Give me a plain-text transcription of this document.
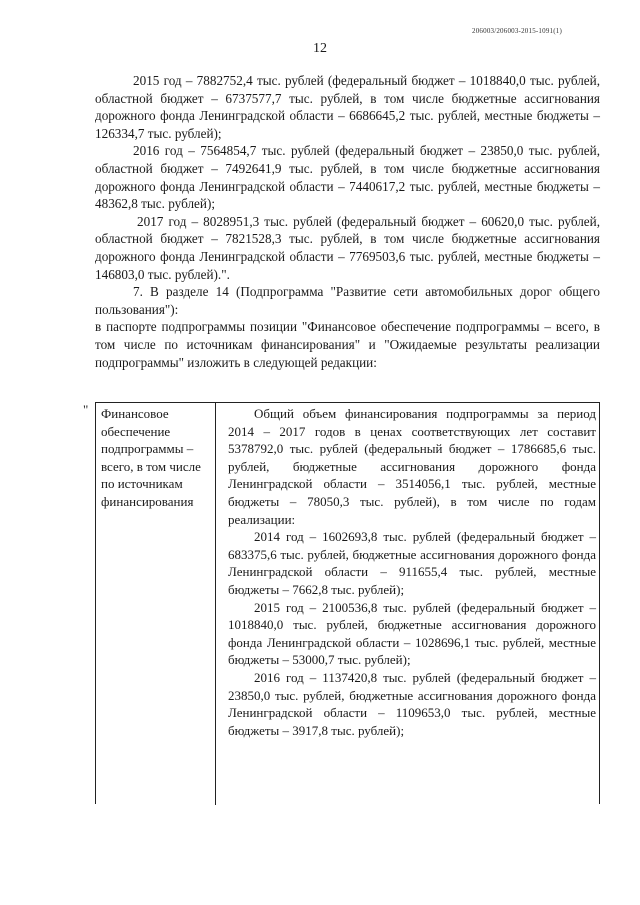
206003/206003-2015-1091(1)
12

2015 год – 7882752,4 тыс. рублей (федеральный бюджет – 1018840,0 тыс. рублей, областной бюджет – 6737577,7 тыс. рублей, в том числе бюджетные ассигнования дорожного фонда Ленинградской области – 6686645,2 тыс. рублей, местные бюджеты – 126334,7 тыс. рублей);

2016 год – 7564854,7 тыс. рублей (федеральный бюджет – 23850,0 тыс. рублей, областной бюджет – 7492641,9 тыс. рублей, в том числе бюджетные ассигнования дорожного фонда Ленинградской области – 7440617,2 тыс. рублей, местные бюджеты – 48362,8 тыс. рублей);

2017 год – 8028951,3 тыс. рублей (федеральный бюджет – 60620,0 тыс. рублей, областной бюджет – 7821528,3 тыс. рублей, в том числе бюджетные ассигнования дорожного фонда Ленинградской области – 7769503,6 тыс. рублей, местные бюджеты – 146803,0 тыс. рублей).".

7. В разделе 14 (Подпрограмма "Развитие сети автомобильных дорог общего пользования"):

в паспорте подпрограммы позиции "Финансовое обеспечение подпрограммы – всего, в том числе по источникам финансирования" и "Ожидаемые результаты реализации подпрограммы" изложить в следующей редакции:

" Финансовое обеспечение подпрограммы – всего, в том числе по источникам финансирования

Общий объем финансирования подпрограммы за период 2014 – 2017 годов в ценах соответствующих лет составит 5378792,0 тыс. рублей (федеральный бюджет – 1786685,6 тыс. рублей, бюджетные ассигнования дорожного фонда Ленинградской области – 3514056,1 тыс. рублей, местные бюджеты – 78050,3 тыс. рублей), в том числе по годам реализации:

2014 год – 1602693,8 тыс. рублей (федеральный бюджет – 683375,6 тыс. рублей, бюджетные ассигнования дорожного фонда Ленинградской области – 911655,4 тыс. рублей, местные бюджеты – 7662,8 тыс. рублей);

2015 год – 2100536,8 тыс. рублей (федеральный бюджет – 1018840,0 тыс. рублей, бюджетные ассигнования дорожного фонда Ленинградской области – 1028696,1 тыс. рублей, местные бюджеты – 53000,7 тыс. рублей);

2016 год – 1137420,8 тыс. рублей (федеральный бюджет – 23850,0 тыс. рублей, бюджетные ассигнования дорожного фонда Ленинградской области – 1109653,0 тыс. рублей, местные бюджеты – 3917,8 тыс. рублей);
